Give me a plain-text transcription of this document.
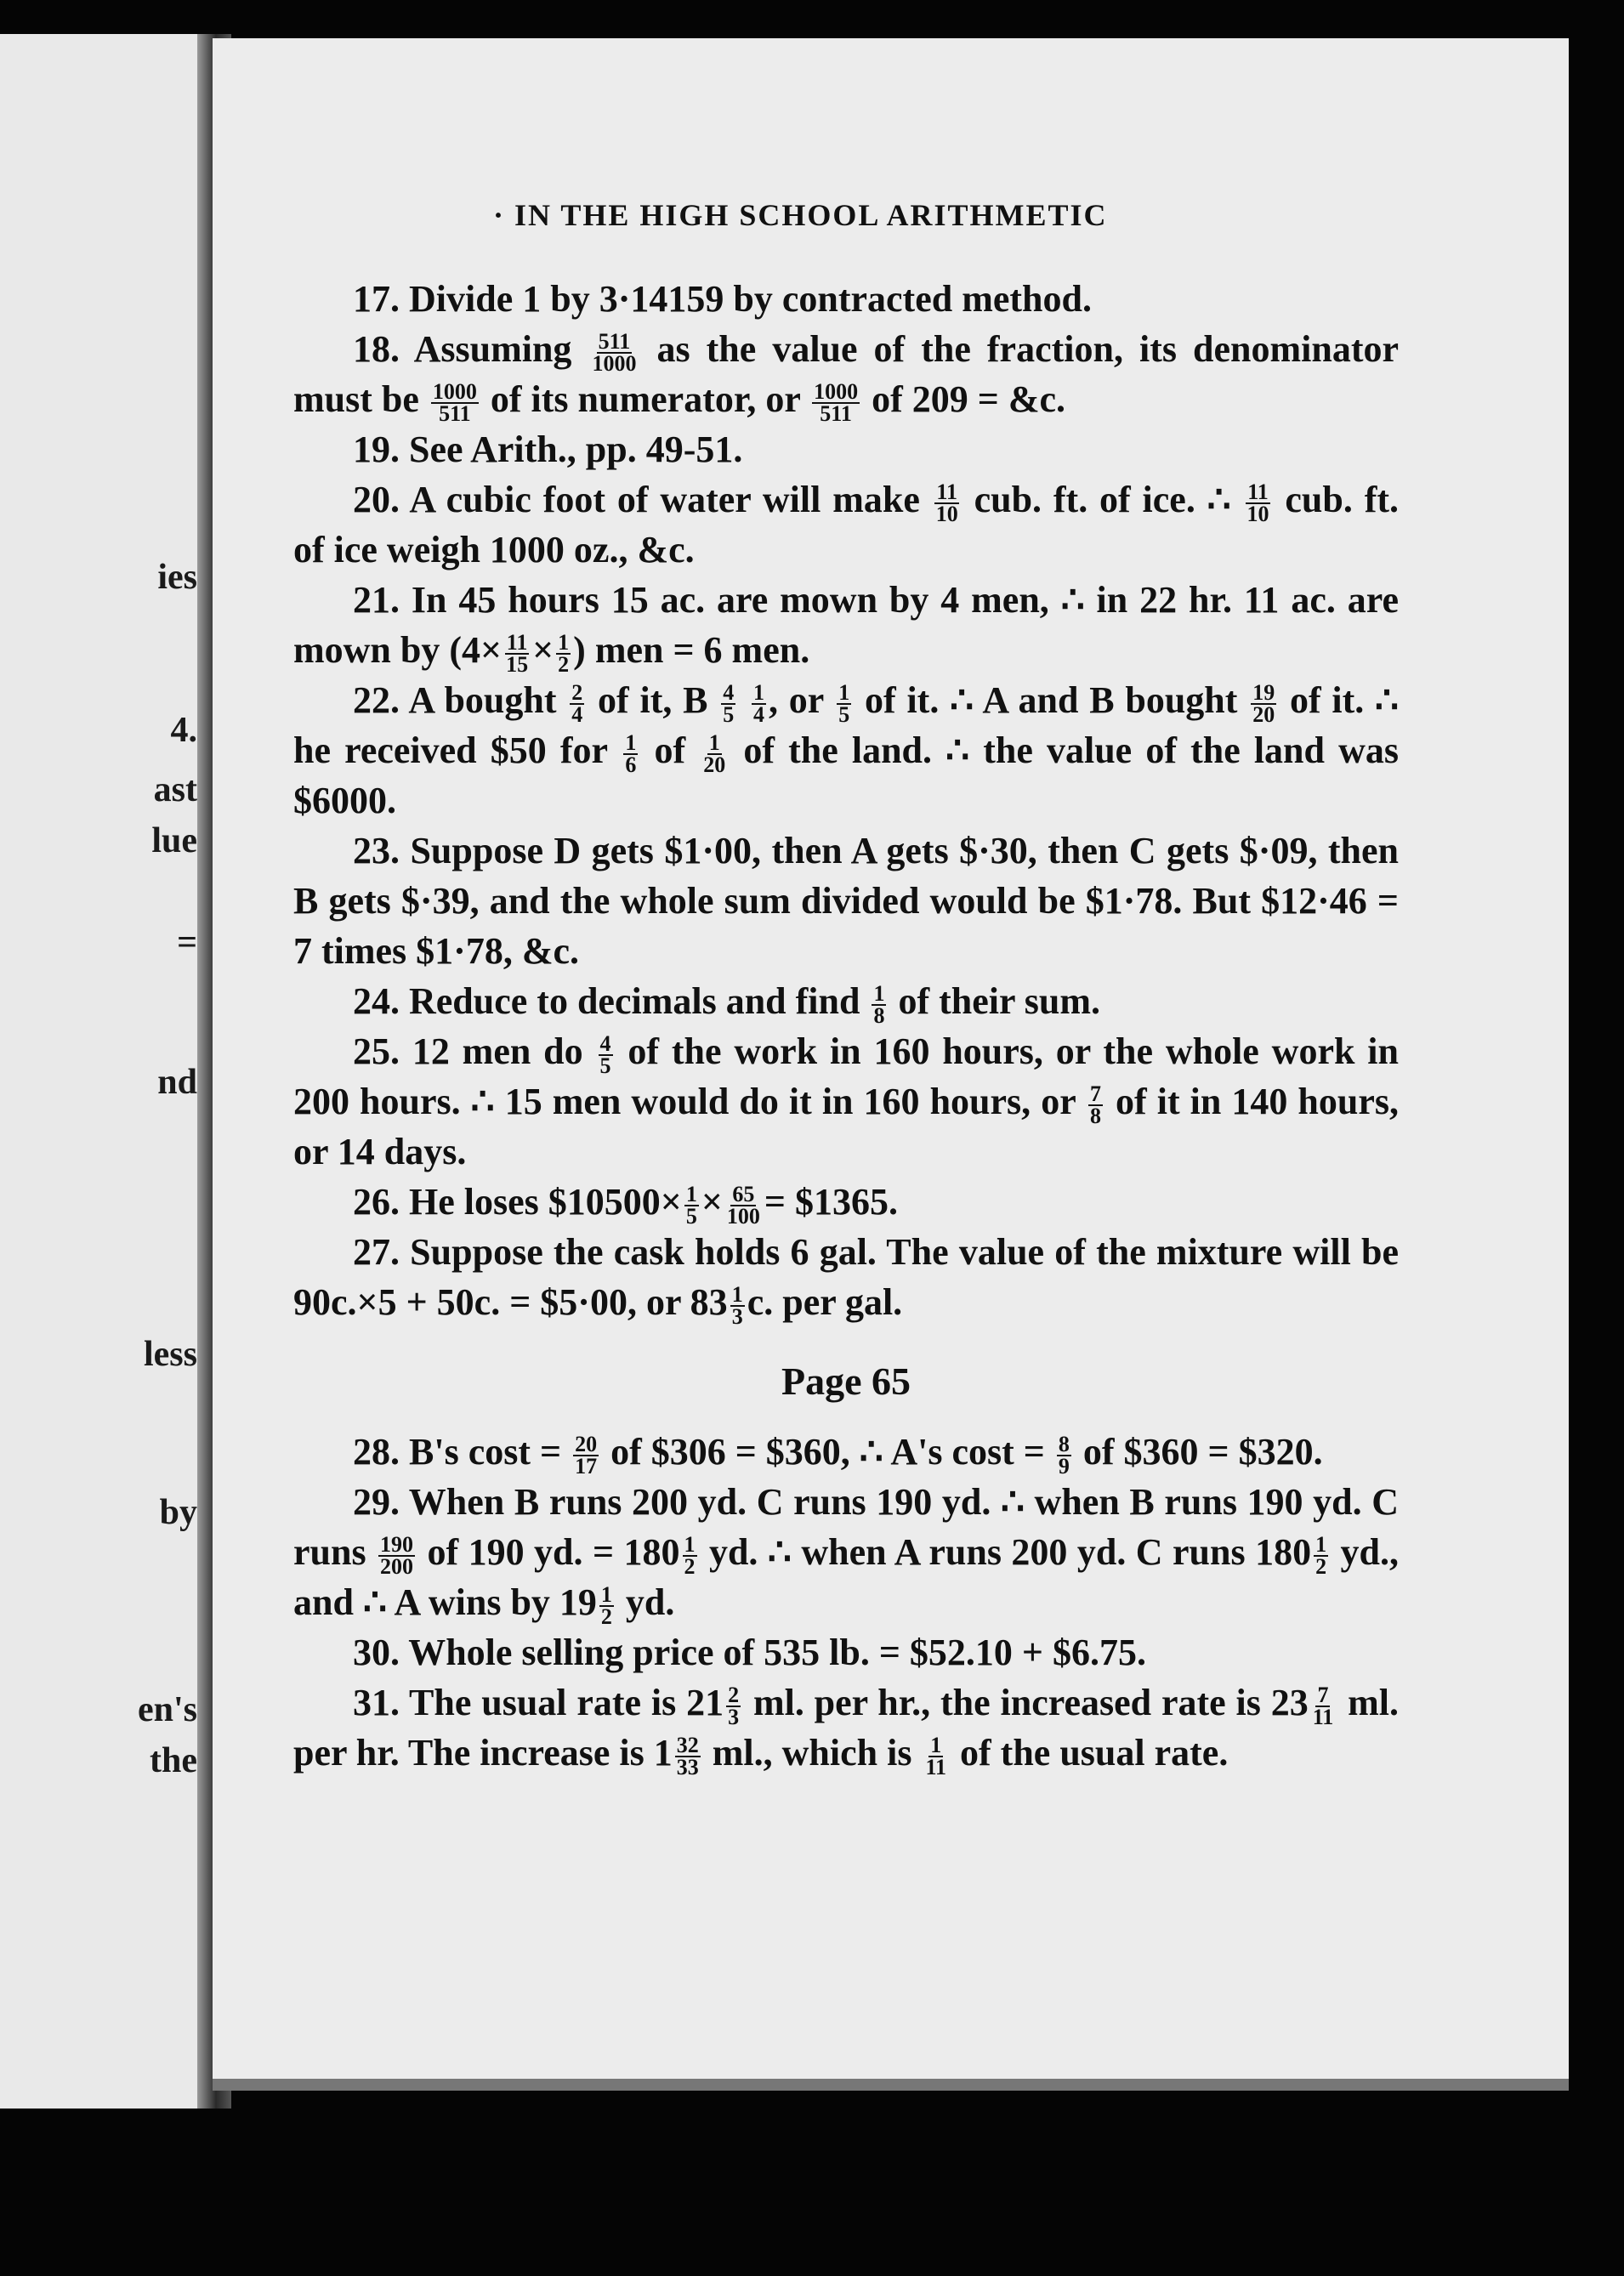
ies
4.
ast
lue
=
nd
less
by
en's
the
· IN THE HIGH SCHOOL ARITHMETIC

17. Divide 1 by 3·14159 by contracted method.

18. Assuming $\frac{511}{1000}$ as the value of the fraction, its denominator must be $\frac{1000}{511}$ of its numerator, or $\frac{1000}{511}$ of 209 = &c.

19. See Arith., pp. 49-51.

20. A cubic foot of water will make $\frac{11}{10}$ cub. ft. of ice. ∴ $\frac{11}{10}$ cub. ft. of ice weigh 1000 oz., &c.

21. In 45 hours 15 ac. are mown by 4 men, ∴ in 22 hr. 11 ac. are mown by ($4\times \frac{11}{15} \times \frac{1}{2}$ ) men = 6 men.

22. A bought $\frac{2}{4}$ of it, B $\frac{4}{5}$
$\frac{1}{4}$ , or $\frac{1}{5}$ of it. ∴ A and B bought $\frac{19}{20}$ of it. ∴ he received $50 for $\frac{1}{6}$ of $\frac{1}{20}$ of the land. ∴ the value of the land was $6000.

23. Suppose D gets $1·00, then A gets $·30, then C gets $·09, then B gets $·39, and the whole sum divided would be $1·78. But $12·46 = 7 times $1·78, &c.

24. Reduce to decimals and find $\frac{1}{8}$ of their sum.

25. 12 men do $\frac{4}{5}$ of the work in 160 hours, or the whole work in 200 hours. ∴ 15 men would do it in 160 hours, or $\frac{7}{8}$ of it in 140 hours, or 14 days.

26. He loses $10500× $\frac{1}{5} \times \frac{65}{100}$ = $1365.

27. Suppose the cask holds 6 gal. The value of the mixture will be 90c.×5 + 50c. = $5·00, or $83 \frac{1}{3} c$. per gal.

Page 65

28. B's $\cos t = \frac{20}{17}$ of $306 = $360, ∴ A's $\cos t = \frac{8}{9}$ of $360 = $320.

29. When B runs 200 yd. C runs 190 yd. ∴ when B runs 190 yd. C runs $\frac{190}{200}$ of 190 yd. = $180 \frac{1}{2}$ yd. ∴ when A runs 200 yd. C runs $180 \frac{1}{2}$ yd., and ∴ A wins by $19 \frac{1}{2}$ yd.

30. Whole selling price of 535 lb. = $52.10 + $6.75.

31. The usual rate is $21 \frac{2}{3}$ ml. per hr., the increased rate is $23 \frac{7}{11}$ ml. per hr. The increase is $1 \frac{32}{33}$ ml., which is $\frac{1}{11}$ of the usual rate.
